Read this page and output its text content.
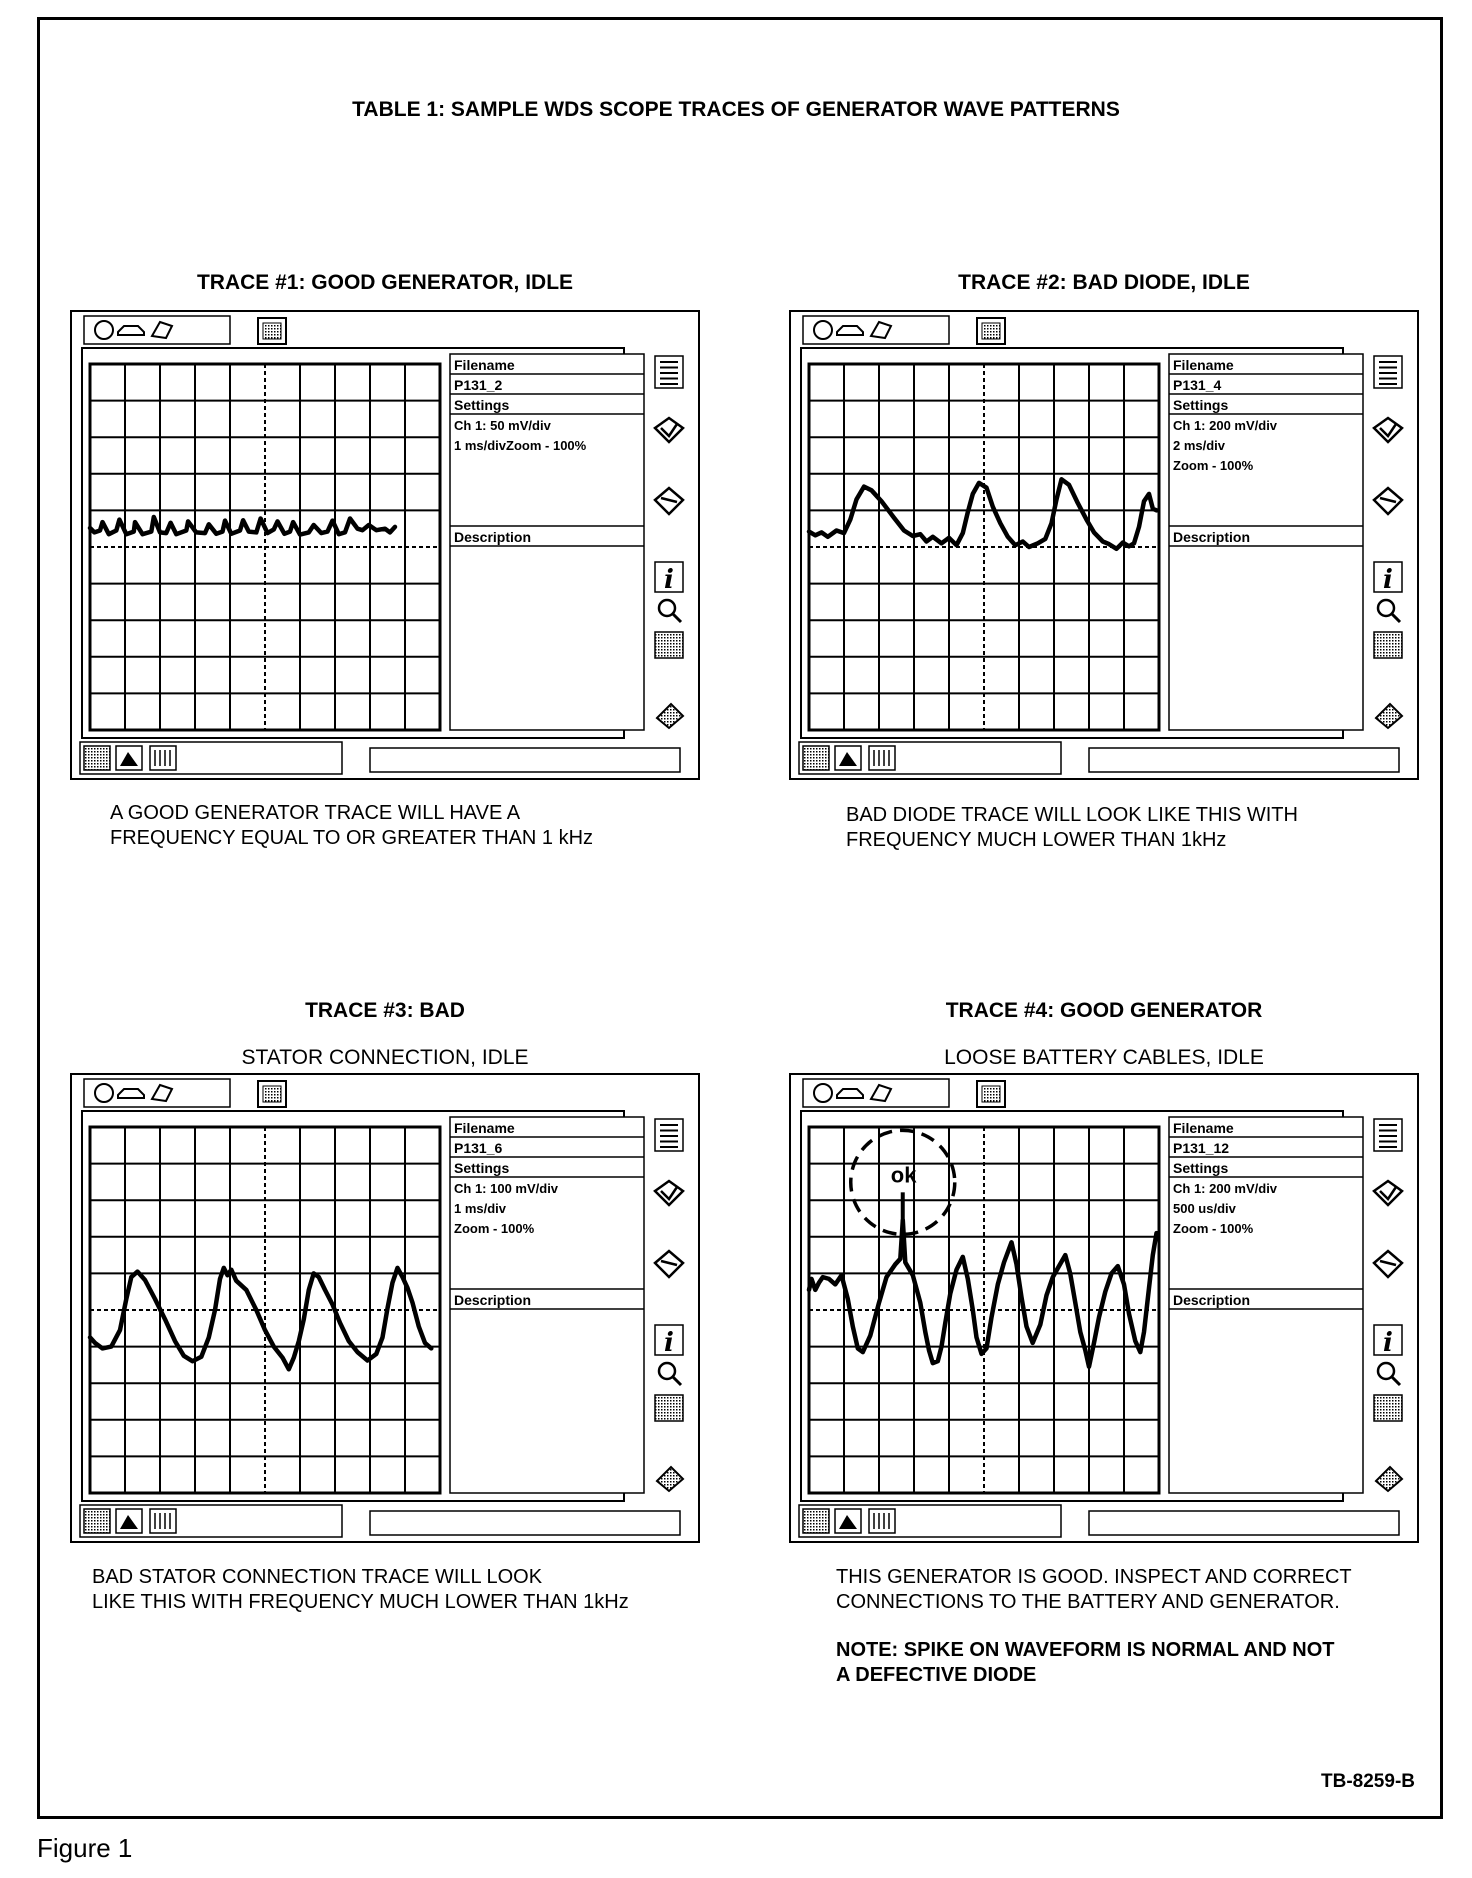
TABLE 1: SAMPLE WDS SCOPE TRACES OF GENERATOR WAVE PATTERNS
TRACE #1: GOOD GENERATOR, IDLE	TRACE #2: BAD DIODE, IDLE
TRACE #3: BAD
STATOR CONNECTION, IDLE
TRACE #4: GOOD GENERATOR
LOOSE BATTERY CABLES, IDLE
Filename
P131_2
Settings
Ch 1: 50 mV/div
1 ms/divZoom - 100%
Description
i
Filename
P131_4
Settings
Ch 1: 200 mV/div
2 ms/div
Zoom - 100%
Description
i
Filename
P131_6
Settings
Ch 1: 100 mV/div
1 ms/div
Zoom - 100%
Description
i
ok
Filename
P131_12
Settings
Ch 1: 200 mV/div
500 us/div
Zoom - 100%
Description
i
A GOOD GENERATOR TRACE WILL HAVE A
FREQUENCY EQUAL TO OR GREATER THAN 1 kHz
BAD DIODE TRACE WILL LOOK LIKE THIS WITH
FREQUENCY MUCH LOWER THAN 1kHz
BAD STATOR CONNECTION TRACE WILL LOOK
LIKE THIS WITH FREQUENCY MUCH LOWER THAN 1kHz
THIS GENERATOR IS GOOD. INSPECT AND CORRECT
CONNECTIONS TO THE BATTERY AND GENERATOR.
NOTE: SPIKE ON WAVEFORM IS NORMAL AND NOT
A DEFECTIVE DIODE
TB-8259-B
Figure 1
